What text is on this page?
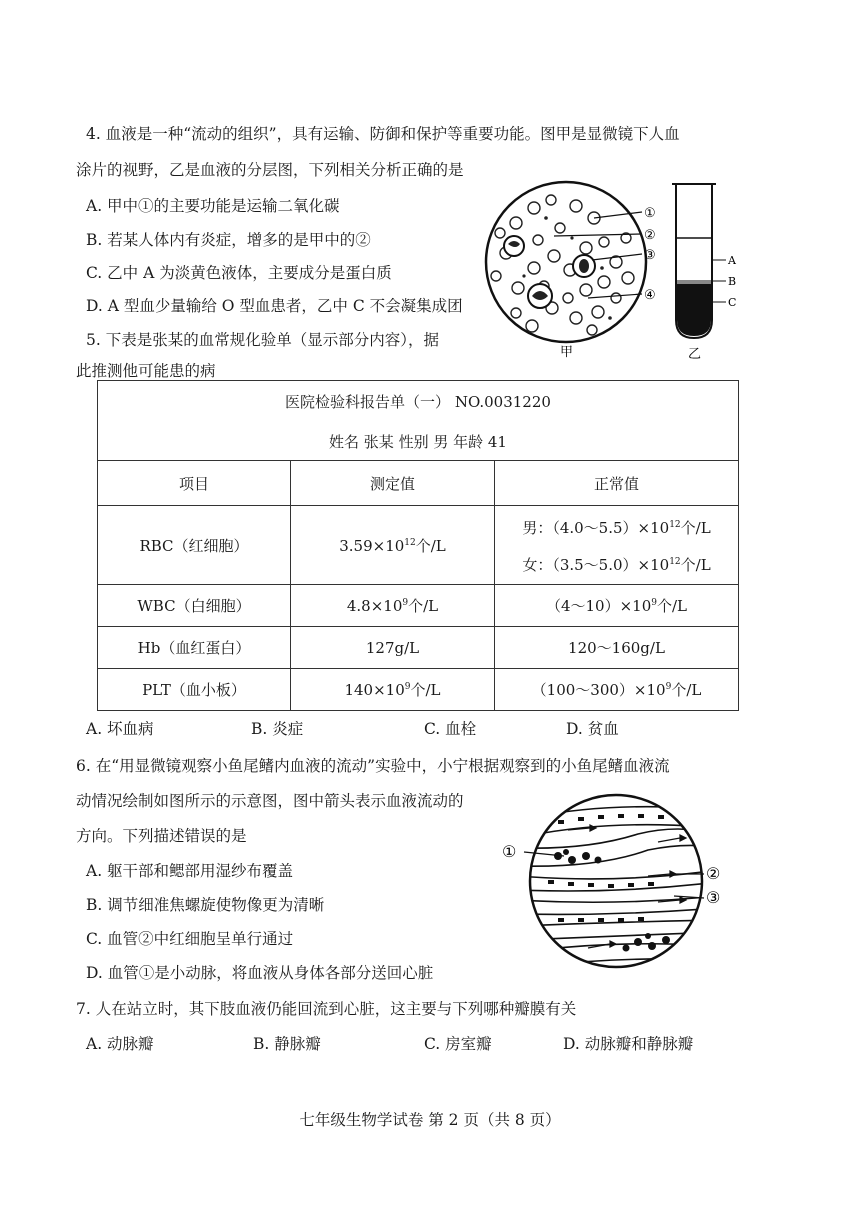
4. 血液是一种“流动的组织”，具有运输、防御和保护等重要功能。图甲是显微镜下人血
涂片的视野，乙是血液的分层图，下列相关分析正确的是
A. 甲中①的主要功能是运输二氧化碳
B. 若某人体内有炎症，增多的是甲中的②
C. 乙中 A 为淡黄色液体，主要成分是蛋白质
D. A 型血少量输给 O 型血患者，乙中 C 不会凝集成团
①
②
③
④
甲
A
B
C
乙
5. 下表是张某的血常规化验单（显示部分内容），据
此推测他可能患的病
医院检验科报告单（一） NO.0031220		
姓名 张某 性别 男 年龄 41		
项目	测定值	正常值
RBC（红细胞）	$3.59\times 10^{12}$个/L	男：$(4.0\sim 5.5)\times 10^{12}$个/L
女：$(3.5\sim 5.0)\times 10^{12}$个/L

WBC（白细胞）	$4.8\times 10^9$个/L	$(4\sim 10)\times 10^9$个/L
Hb（血红蛋白）	127g/L	120～160g/L
PLT（血小板）	$140\times 10^9$个/L	$(100\sim 300)\times 10^9$个/L
A. 坏血病	B. 炎症	C. 血栓	D. 贫血
6. 在“用显微镜观察小鱼尾鳍内血液的流动”实验中，小宁根据观察到的小鱼尾鳍血液流
动情况绘制如图所示的示意图，图中箭头表示血液流动的
方向。下列描述错误的是
A. 躯干部和鳃部用湿纱布覆盖
B. 调节细准焦螺旋使物像更为清晰
C. 血管②中红细胞呈单行通过
D. 血管①是小动脉，将血液从身体各部分送回心脏
①
②
③
7. 人在站立时，其下肢血液仍能回流到心脏，这主要与下列哪种瓣膜有关
A. 动脉瓣	B. 静脉瓣	C. 房室瓣	D. 动脉瓣和静脉瓣
七年级生物学试卷 第 2 页（共 8 页）
